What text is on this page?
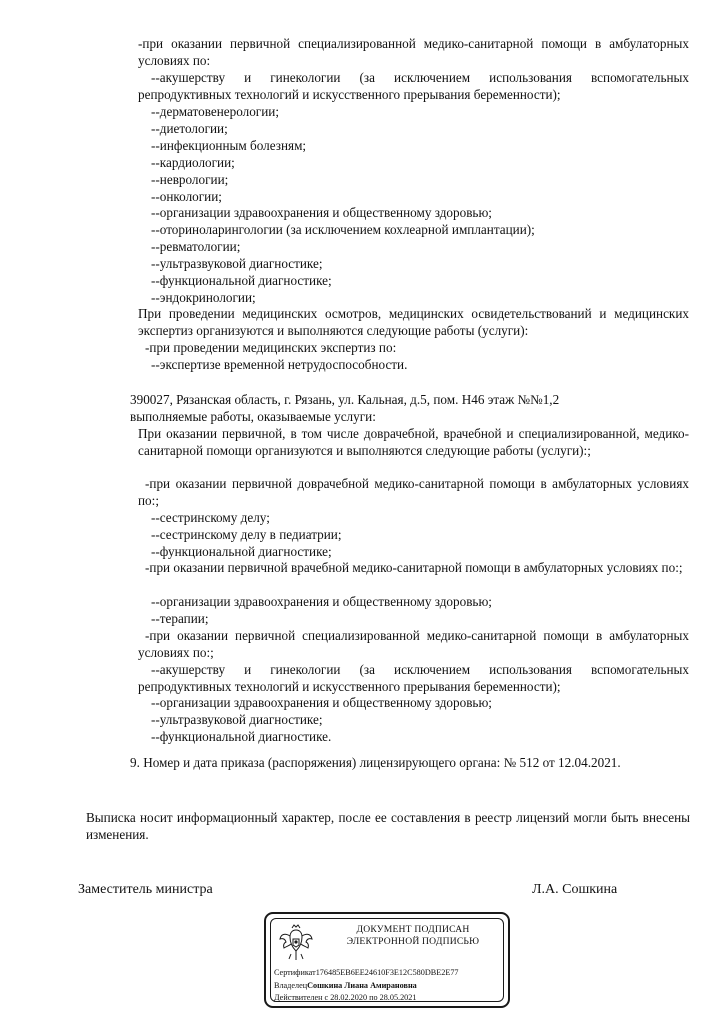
-при оказании первичной специализированной медико-санитарной помощи в амбулаторных условиях по:
--акушерству и гинекологии (за исключением использования вспомогательных репродуктивных технологий и искусственного прерывания беременности);
--дерматовенерологии;
--диетологии;
--инфекционным болезням;
--кардиологии;
--неврологии;
--онкологии;
--организации здравоохранения и общественному здоровью;
--оториноларингологии (за исключением кохлеарной имплантации);
--ревматологии;
--ультразвуковой диагностике;
--функциональной диагностике;
--эндокринологии;
При проведении медицинских осмотров, медицинских освидетельствований и медицинских экспертиз организуются и выполняются следующие работы (услуги):
-при проведении медицинских экспертиз по:
--экспертизе временной нетрудоспособности.
390027, Рязанская область, г. Рязань, ул. Кальная, д.5, пом. Н46 этаж №№1,2
выполняемые работы, оказываемые услуги:
При оказании первичной, в том числе доврачебной, врачебной и специализированной, медико-санитарной помощи организуются и выполняются следующие работы (услуги):;
-при оказании первичной доврачебной медико-санитарной помощи в амбулаторных условиях по:;
--сестринскому делу;
--сестринскому делу в педиатрии;
--функциональной диагностике;
-при оказании первичной врачебной медико-санитарной помощи в амбулаторных условиях по:;
--организации здравоохранения и общественному здоровью;
--терапии;
-при оказании первичной специализированной медико-санитарной помощи в амбулаторных условиях по:;
--акушерству и гинекологии (за исключением использования вспомогательных репродуктивных технологий и искусственного прерывания беременности);
--организации здравоохранения и общественному здоровью;
--ультразвуковой диагностике;
--функциональной диагностике.
9. Номер и дата приказа (распоряжения) лицензирующего органа: № 512 от 12.04.2021.
Выписка носит информационный характер, после ее составления в реестр лицензий могли быть внесены изменения.
Заместитель министра	Л.А. Сошкина
ДОКУМЕНТ ПОДПИСАН
ЭЛЕКТРОННОЙ ПОДПИСЬЮ
Сертификат176485EB6EE24610F3E12C580DBE2E77
ВладелецСошкина Лиана Амирановна
Действителен с 28.02.2020 по 28.05.2021
